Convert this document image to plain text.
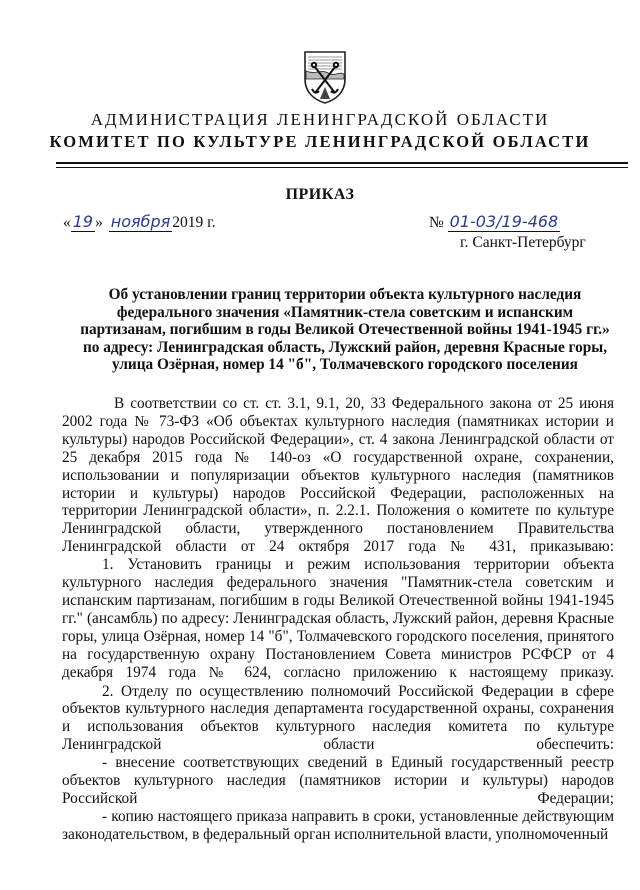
АДМИНИСТРАЦИЯ ЛЕНИНГРАДСКОЙ ОБЛАСТИ
КОМИТЕТ ПО КУЛЬТУРЕ ЛЕНИНГРАДСКОЙ ОБЛАСТИ
ПРИКАЗ
« 19 » ноября 2019 г.	№ 01-03/19-468
г. Санкт-Петербург
Об установлении границ территории объекта культурного наследия федерального значения «Памятник-стела советским и испанским партизанам, погибшим в годы Великой Отечественной войны 1941-1945 гг.» по адресу: Ленинградская область, Лужский район, деревня Красные горы, улица Озёрная, номер 14 "б", Толмачевского городского поселения

В соответствии со ст. ст. 3.1, 9.1, 20, 33 Федерального закона от 25 июня 2002 года № 73-ФЗ «Об объектах культурного наследия (памятниках истории и культуры) народов Российской Федерации», ст. 4 закона Ленинградской области от 25 декабря 2015 года № 140-оз «О государственной охране, сохранении, использовании и популяризации объектов культурного наследия (памятников истории и культуры) народов Российской Федерации, расположенных на территории Ленинградской области», п. 2.2.1. Положения о комитете по культуре Ленинградской области, утвержденного постановлением Правительства Ленинградской области от 24 октября 2017 года № 431, приказываю:

1. Установить границы и режим использования территории объекта культурного наследия федерального значения "Памятник-стела советским и испанским партизанам, погибшим в годы Великой Отечественной войны 1941-1945 гг." (ансамбль) по адресу: Ленинградская область, Лужский район, деревня Красные горы, улица Озёрная, номер 14 "б", Толмачевского городского поселения, принятого на государственную охрану Постановлением Совета министров РСФСР от 4 декабря 1974 года № 624, согласно приложению к настоящему приказу.

2. Отделу по осуществлению полномочий Российской Федерации в сфере объектов культурного наследия департамента государственной охраны, сохранения и использования объектов культурного наследия комитета по культуре Ленинградской области обеспечить:

- внесение соответствующих сведений в Единый государственный реестр объектов культурного наследия (памятников истории и культуры) народов Российской Федерации;

- копию настоящего приказа направить в сроки, установленные действующим законодательством, в федеральный орган исполнительной власти, уполномоченный
